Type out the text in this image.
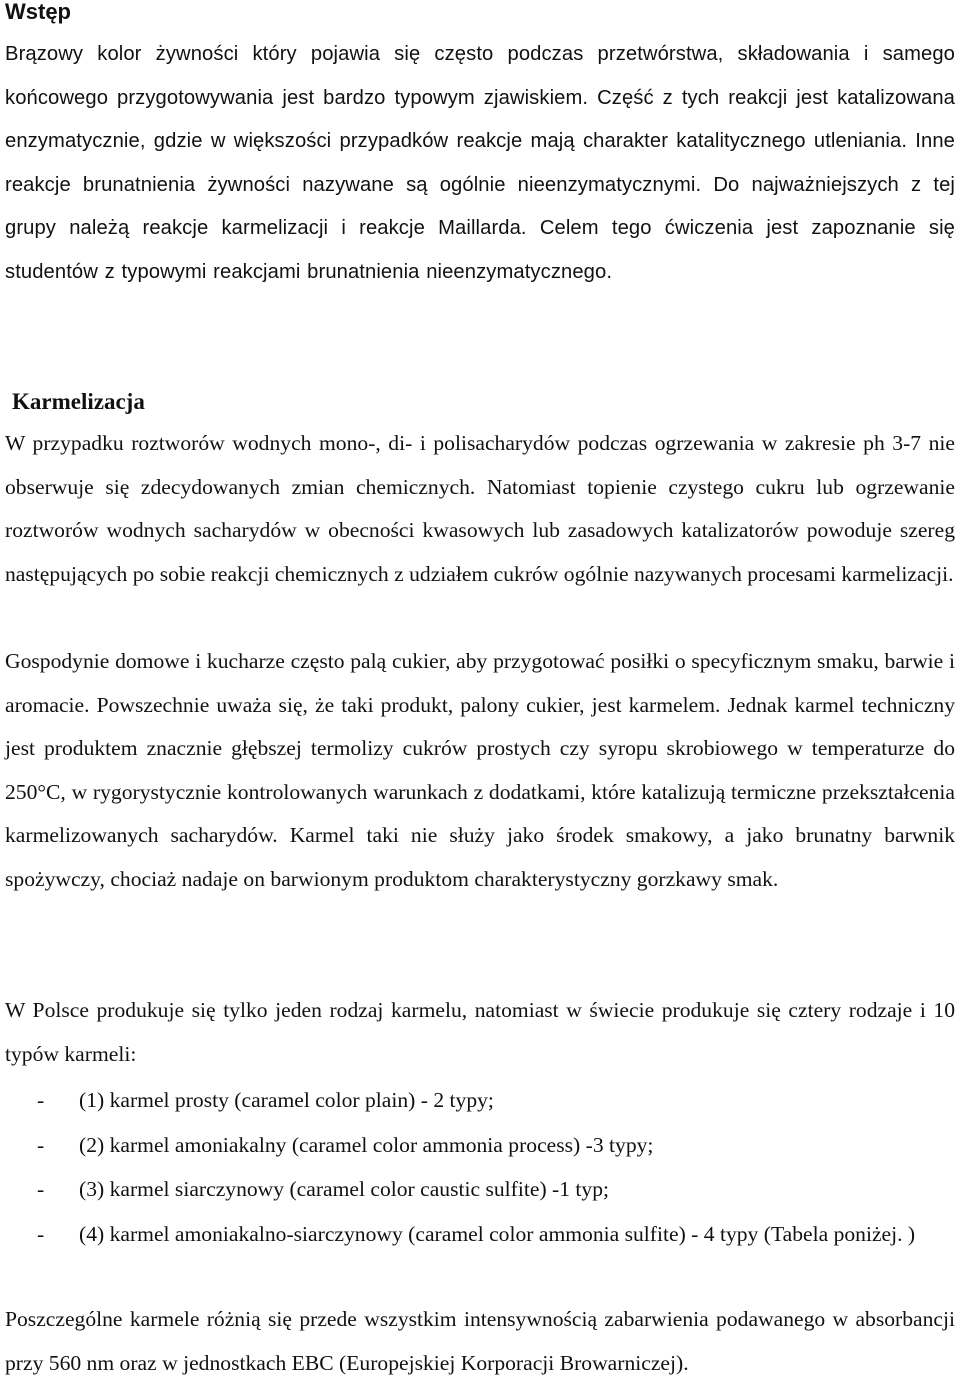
Wstęp

Brązowy kolor żywności który pojawia się często podczas przetwórstwa, składowania i samego końcowego przygotowywania jest bardzo typowym zjawiskiem. Część z tych reakcji jest katalizowana enzymatycznie, gdzie w większości przypadków reakcje mają charakter katalitycznego utleniania. Inne reakcje brunatnienia żywności nazywane są ogólnie nieenzymatycznymi. Do najważniejszych z tej grupy należą reakcje karmelizacji i reakcje Maillarda. Celem tego ćwiczenia jest zapoznanie się studentów z typowymi reakcjami brunatnienia nieenzymatycznego.

Karmelizacja

W przypadku roztworów wodnych mono-, di- i polisacharydów podczas ogrzewania w zakresie ph 3-7 nie obserwuje się zdecydowanych zmian chemicznych. Natomiast topienie czystego cukru lub ogrzewanie roztworów wodnych sacharydów w obecności kwasowych lub zasadowych katalizatorów powoduje szereg następujących po sobie reakcji chemicznych z udziałem cukrów ogólnie nazywanych procesami karmelizacji.

Gospodynie domowe i kucharze często palą cukier, aby przygotować posiłki o specyficznym smaku, barwie i aromacie. Powszechnie uważa się, że taki produkt, palony cukier, jest karmelem. Jednak karmel techniczny jest produktem znacznie głębszej termolizy cukrów prostych czy syropu skrobiowego w temperaturze do 250°C, w rygorystycznie kontrolowanych warunkach z dodatkami, które katalizują termiczne przekształcenia karmelizowanych sacharydów. Karmel taki nie służy jako środek smakowy, a jako brunatny barwnik spożywczy, chociaż nadaje on barwionym produktom charakterystyczny gorzkawy smak.

W Polsce produkuje się tylko jeden rodzaj karmelu, natomiast w świecie produkuje się cztery rodzaje i 10 typów karmeli:

- (1) karmel prosty (caramel color plain) - 2 typy;
- (2) karmel amoniakalny (caramel color ammonia process) -3 typy;
- (3) karmel siarczynowy (caramel color caustic sulfite) -1 typ;
- (4) karmel amoniakalno-siarczynowy (caramel color ammonia sulfite) - 4 typy (Tabela poniżej. )

Poszczególne karmele różnią się przede wszystkim intensywnością zabarwienia podawanego w absorbancji przy 560 nm oraz w jednostkach EBC (Europejskiej Korporacji Browarniczej).
